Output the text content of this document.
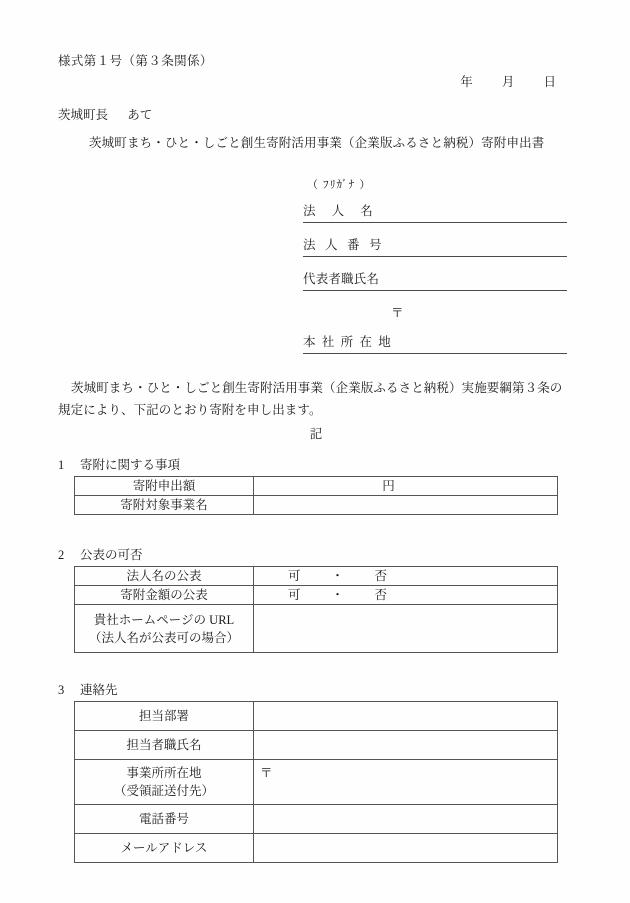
様式第１号（第３条関係）
年 月 日
茨城町長 あて
茨城町まち・ひと・しごと創生寄附活用事業（企業版ふるさと納税）寄附申出書
（ ﾌﾘｶﾞﾅ ）
法 人 名
法 人 番 号
代表者職氏名
〒
本 社 所 在 地
茨城町まち・ひと・しごと創生寄附活用事業（企業版ふるさと納税）実施要綱第３条の規定により、下記のとおり寄附を申し出ます。
記
1 寄附に関する事項
寄附申出額	円

寄附対象事業名	
2 公表の可否
法人名の公表	可 ・ 否

寄附金額の公表	可 ・ 否

貴社ホームページの URL
（法人名が公表可の場合）	

3 連絡先
担当部署	
担当者職氏名	

事業所所在地
（受領証送付先）	〒
電話番号	
メールアドレス	
